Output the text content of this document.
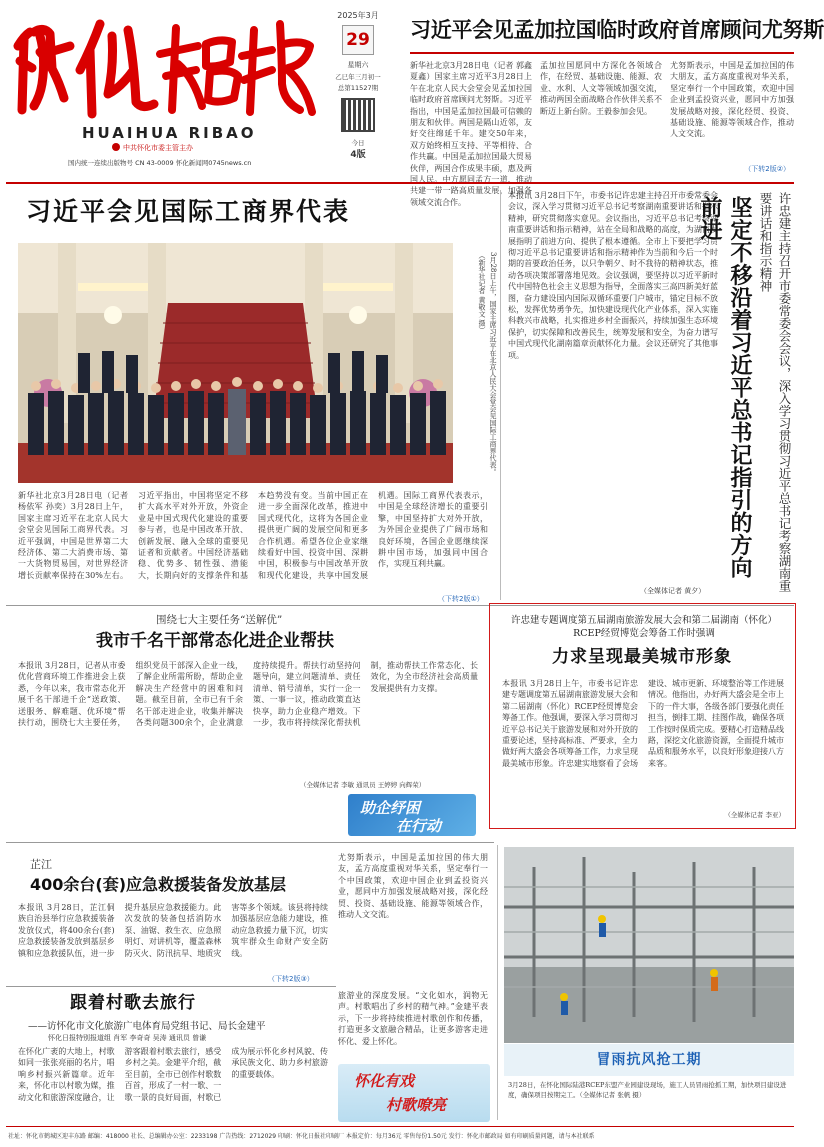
HUAIHUA RIBAO
中共怀化市委主管主办
国内统一连续出版物号 CN 43-0009 怀化新闻网0745news.cn
2025年3月
29
星期六
乙巳年三月初一
总第11527期
今日
4版
习近平会见孟加拉国临时政府首席顾问尤努斯
新华社北京3月28日电（记者 郭鑫 夏鑫）国家主席习近平3月28日上午在北京人民大会堂会见孟加拉国临时政府首席顾问尤努斯。习近平指出，中国是孟加拉国最可信赖的朋友和伙伴。两国是隔山近邻，友好交往绵延千年。建交50年来，双方始终相互支持、平等相待、合作共赢。中国是孟加拉国最大贸易伙伴，两国合作成果丰硕，惠及两国人民。中方愿同孟方一道，推动共建一带一路高质量发展，加强各领域交流合作。
孟加拉国愿同中方深化各领域合作，在经贸、基础设施、能源、农业、水利、人文等领域加强交流，推动两国全面战略合作伙伴关系不断迈上新台阶。王毅参加会见。
尤努斯表示，中国是孟加拉国的伟大朋友，孟方高度重视对华关系，坚定奉行一个中国政策，欢迎中国企业到孟投资兴业，愿同中方加强发展战略对接，深化经贸、投资、基础设施、能源等领域合作，推动人文交流。
（下转2版②）
习近平会见国际工商界代表
3月28日上午，国家主席习近平在北京人民大会堂会见国际工商界代表。（新华社记者 黄敬文 摄）
新华社北京3月28日电（记者 杨依军 孙奕）3月28日上午，国家主席习近平在北京人民大会堂会见国际工商界代表。习近平强调，中国是世界第二大经济体、第二大消费市场、第一大货物贸易国，对世界经济增长贡献率保持在30%左右。习近平指出，中国将坚定不移扩大高水平对外开放，外资企业是中国式现代化建设的重要参与者，也是中国改革开放、创新发展、融入全球的重要见证者和贡献者。中国经济基础稳、优势多、韧性强、潜能大，长期向好的支撑条件和基本趋势没有变。当前中国正在进一步全面深化改革，推进中国式现代化，这将为各国企业提供更广阔的发展空间和更多合作机遇。希望各位企业家继续看好中国、投资中国、深耕中国，积极参与中国改革开放和现代化建设，共享中国发展机遇。国际工商界代表表示，中国是全球经济增长的重要引擎，中国坚持扩大对外开放，为外国企业提供了广阔市场和良好环境，各国企业愿继续深耕中国市场，加强同中国合作，实现互利共赢。
（下转2版①）
本报讯 3月28日下午，市委书记许忠建主持召开市委常委会会议，深入学习贯彻习近平总书记考察湖南重要讲话和指示精神，研究贯彻落实意见。会议指出，习近平总书记考察湖南重要讲话和指示精神，站在全局和战略的高度，为湖南发展指明了前进方向、提供了根本遵循。全市上下要把学习贯彻习近平总书记重要讲话和指示精神作为当前和今后一个时期的首要政治任务，以只争朝夕、时不我待的精神状态，推动各项决策部署落地见效。会议强调，要坚持以习近平新时代中国特色社会主义思想为指导，全面落实三高四新美好蓝图，奋力建设国内国际双循环重要门户城市，锚定目标不放松，发挥优势勇争先，加快建设现代化产业体系，深入实施科教兴市战略，扎实推进乡村全面振兴，持续加强生态环境保护，切实保障和改善民生，统筹发展和安全，为奋力谱写中国式现代化湖南篇章贡献怀化力量。会议还研究了其他事项。
（全媒体记者 黄夕）
坚定不移沿着习近平总书记指引的方向前进	许忠建主持召开市委常委会会议，深入学习贯彻习近平总书记考察湖南重要讲话和指示精神
围绕七大主要任务“送解优”
我市千名干部常态化进企业帮扶
本报讯 3月28日，记者从市委优化营商环境工作推进会上获悉，今年以来，我市常态化开展千名干部进千企“送政策、送服务、解难题、优环境”帮扶行动，围绕七大主要任务，组织党员干部深入企业一线，了解企业所需所盼，帮助企业解决生产经营中的困难和问题。截至目前，全市已有千余名干部走进企业，收集并解决各类问题300余个，企业满意度持续提升。帮扶行动坚持问题导向，建立问题清单、责任清单、销号清单，实行一企一策、一事一议，推动政策直达快享，助力企业稳产增效。下一步，我市将持续深化帮扶机制，推动帮扶工作常态化、长效化，为全市经济社会高质量发展提供有力支撑。
（全媒体记者 李敏 通讯员 王婷婷 向辉荣）
助企纾困
在行动
许忠建专题调度第五届湖南旅游发展大会和第二届湖南（怀化）RCEP经贸博览会筹备工作时强调
力求呈现最美城市形象
本报讯 3月28日上午，市委书记许忠建专题调度第五届湖南旅游发展大会和第二届湖南（怀化）RCEP经贸博览会筹备工作。他强调，要深入学习贯彻习近平总书记关于旅游发展和对外开放的重要论述，坚持高标准、严要求，全力做好两大盛会各项筹备工作，力求呈现最美城市形象。许忠建实地察看了会场建设、城市更新、环境整治等工作进展情况。他指出，办好两大盛会是全市上下的一件大事，各级各部门要强化责任担当，倒排工期、挂图作战，确保各项工作按时保质完成。要精心打造精品线路，深挖文化旅游资源，全面提升城市品质和服务水平，以良好形象迎接八方来客。
（全媒体记者 李亚）
芷江
400余台(套)应急救援装备发放基层
本报讯 3月28日，芷江侗族自治县举行应急救援装备发放仪式，将400余台(套)应急救援装备发放到基层乡镇和应急救援队伍，进一步提升基层应急救援能力。此次发放的装备包括消防水泵、油锯、救生衣、应急照明灯、对讲机等，覆盖森林防灭火、防汛抗旱、地质灾害等多个领域。该县将持续加强基层应急能力建设，推动应急救援力量下沉，切实筑牢群众生命财产安全防线。
（下转2版③）
跟着村歌去旅行
——访怀化市文化旅游广电体育局党组书记、局长金建平
怀化日报特别报道组 肖军 李奇奇 吴涛 通讯员 曾谦
在怀化广袤的大地上，村歌如同一张张亮丽的名片，唱响乡村振兴新篇章。近年来，怀化市以村歌为媒，推动文化和旅游深度融合，让游客跟着村歌去旅行，感受乡村之美。金建平介绍，截至目前，全市已创作村歌数百首，形成了一村一歌、一歌一景的良好局面，村歌已成为展示怀化乡村风貌、传承民族文化、助力乡村旅游的重要载体。
尤努斯表示，中国是孟加拉国的伟大朋友，孟方高度重视对华关系，坚定奉行一个中国政策，欢迎中国企业到孟投资兴业，愿同中方加强发展战略对接，深化经贸、投资、基础设施、能源等领域合作，推动人文交流。
旅游业的深度发展。“文化如水，润物无声。村歌唱出了乡村的精气神。”金建平表示，下一步将持续推进村歌创作和传播，打造更多文旅融合精品，让更多游客走进怀化、爱上怀化。
怀化有戏
村歌嘹亮
冒雨抗风抢工期
3月28日，在怀化国际陆港RCEP东盟产业园建设现场，施工人员冒雨抢抓工期，加快项目建设进度，确保项目按期完工。（全媒体记者 张帆 摄）
社址：怀化市鹤城区迎丰东路 邮编：418000 社长、总编辑办公室：2233198 广告热线：2712029 印刷：怀化日报社印刷厂 本报定价：每月36元 零售每份1.50元 发行：怀化市邮政局 如有印刷质量问题，请与本社联系
